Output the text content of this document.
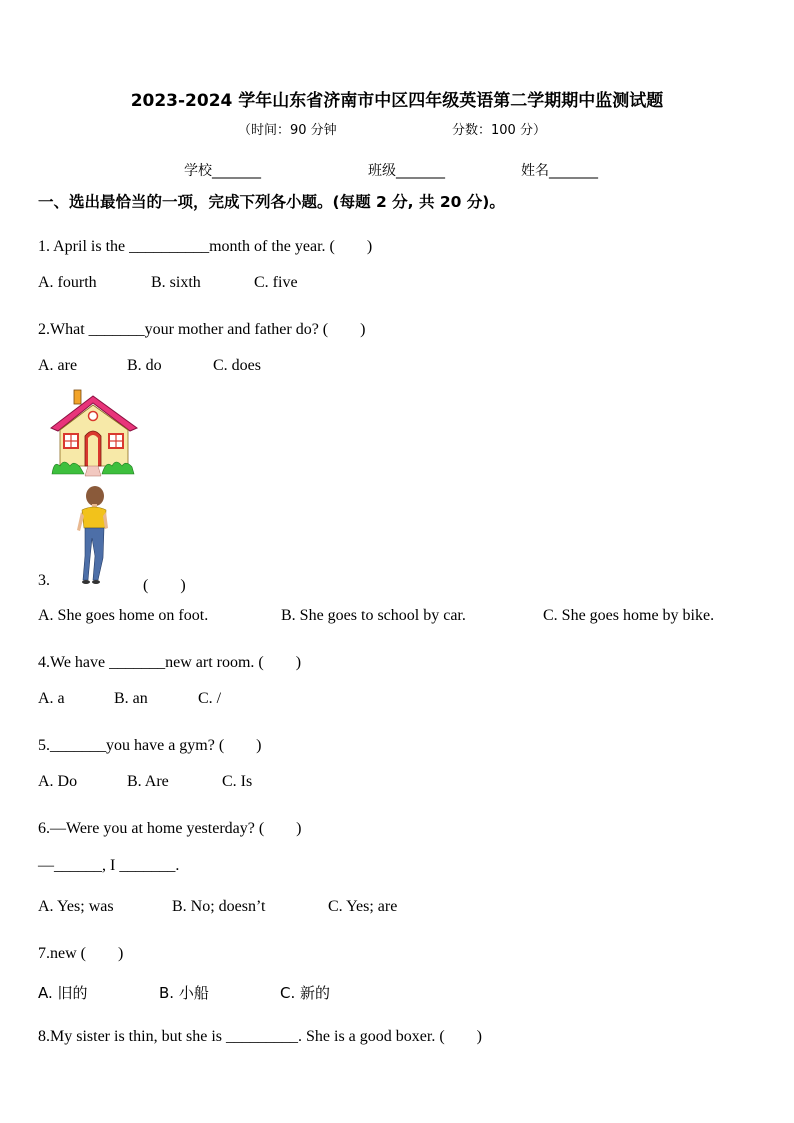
2023-2024 学年山东省济南市中区四年级英语第二学期期中监测试题
（时间：90 分钟	分数：100 分）
学校_______	班级_______	姓名_______
一、选出最恰当的一项，完成下列各小题。(每题 2 分, 共 20 分)。
1. April is the __________month of the year. (　　)
A. fourth	B. sixth	C. five
2.What _______your mother and father do? (　　)
A. are	B. do	C. does
3.	(　　)
A. She goes home on foot.	B. She goes to school by car.	C. She goes home by bike.
4.We have _______new art room. (　　)
A. a	B. an	C. /
5._______you have a gym? (　　)
A. Do	B. Are	C. Is
6.—Were you at home yesterday? (　　)
—______, I _______.
A. Yes; was	B. No; doesn’t	C. Yes; are
7.new (　　)
A. 旧的	B. 小船	C. 新的
8.My sister is thin, but she is _________. She is a good boxer. (　　)
